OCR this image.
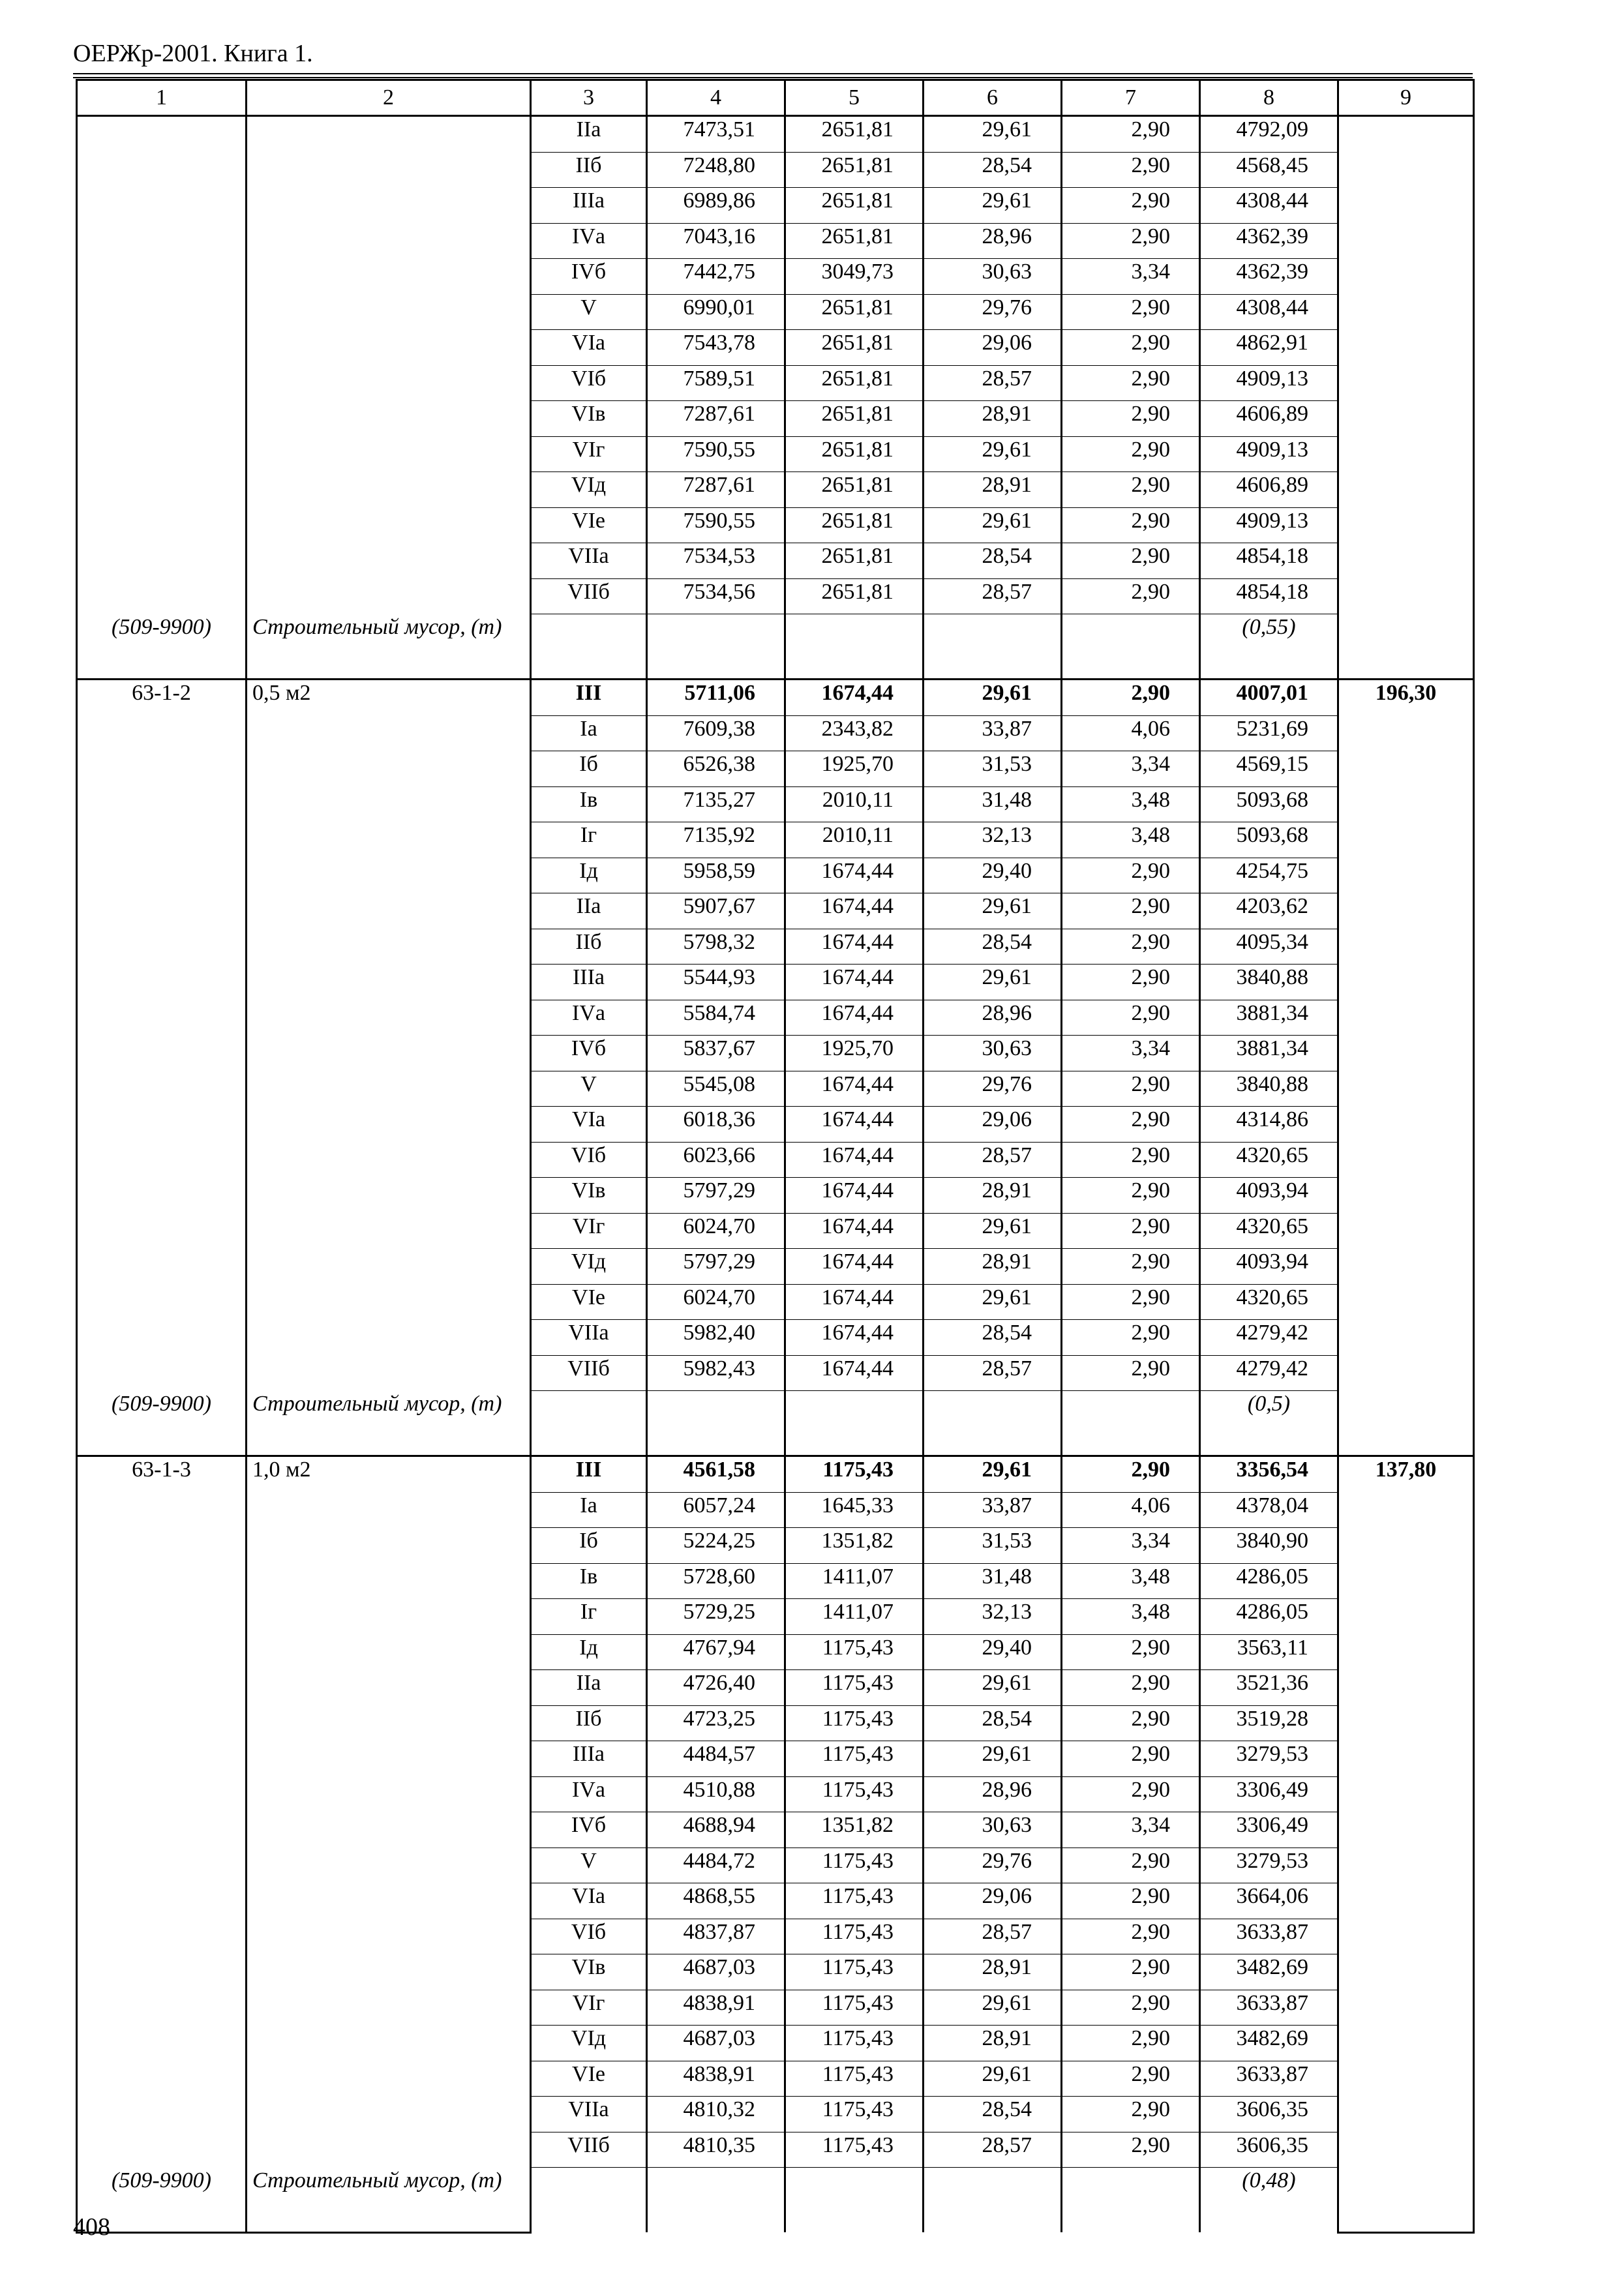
ОЕРЖр-2001. Книга 1.
1	2	3	4	5	6	7	8	9
		IIа	7473,51	2651,81	29,61	2,90	4792,09	
		IIб	7248,80	2651,81	28,54	2,90	4568,45	
		IIIа	6989,86	2651,81	29,61	2,90	4308,44	
		IVа	7043,16	2651,81	28,96	2,90	4362,39	
		IVб	7442,75	3049,73	30,63	3,34	4362,39	
		V	6990,01	2651,81	29,76	2,90	4308,44	
		VIа	7543,78	2651,81	29,06	2,90	4862,91	
		VIб	7589,51	2651,81	28,57	2,90	4909,13	
		VIв	7287,61	2651,81	28,91	2,90	4606,89	
		VIг	7590,55	2651,81	29,61	2,90	4909,13	
		VIд	7287,61	2651,81	28,91	2,90	4606,89	
		VIе	7590,55	2651,81	29,61	2,90	4909,13	
		VIIа	7534,53	2651,81	28,54	2,90	4854,18	
		VIIб	7534,56	2651,81	28,57	2,90	4854,18	
(509-9900)	Строительный мусор, (т)						(0,55)	
63-1-2	0,5 м2	III	5711,06	1674,44	29,61	2,90	4007,01	196,30
		Iа	7609,38	2343,82	33,87	4,06	5231,69	
		Iб	6526,38	1925,70	31,53	3,34	4569,15	
		Iв	7135,27	2010,11	31,48	3,48	5093,68	
		Iг	7135,92	2010,11	32,13	3,48	5093,68	
		Iд	5958,59	1674,44	29,40	2,90	4254,75	
		IIа	5907,67	1674,44	29,61	2,90	4203,62	
		IIб	5798,32	1674,44	28,54	2,90	4095,34	
		IIIа	5544,93	1674,44	29,61	2,90	3840,88	
		IVа	5584,74	1674,44	28,96	2,90	3881,34	
		IVб	5837,67	1925,70	30,63	3,34	3881,34	
		V	5545,08	1674,44	29,76	2,90	3840,88	
		VIа	6018,36	1674,44	29,06	2,90	4314,86	
		VIб	6023,66	1674,44	28,57	2,90	4320,65	
		VIв	5797,29	1674,44	28,91	2,90	4093,94	
		VIг	6024,70	1674,44	29,61	2,90	4320,65	
		VIд	5797,29	1674,44	28,91	2,90	4093,94	
		VIе	6024,70	1674,44	29,61	2,90	4320,65	
		VIIа	5982,40	1674,44	28,54	2,90	4279,42	
		VIIб	5982,43	1674,44	28,57	2,90	4279,42	
(509-9900)	Строительный мусор, (т)						(0,5)	
63-1-3	1,0 м2	III	4561,58	1175,43	29,61	2,90	3356,54	137,80
		Iа	6057,24	1645,33	33,87	4,06	4378,04	
		Iб	5224,25	1351,82	31,53	3,34	3840,90	
		Iв	5728,60	1411,07	31,48	3,48	4286,05	
		Iг	5729,25	1411,07	32,13	3,48	4286,05	
		Iд	4767,94	1175,43	29,40	2,90	3563,11	
		IIа	4726,40	1175,43	29,61	2,90	3521,36	
		IIб	4723,25	1175,43	28,54	2,90	3519,28	
		IIIа	4484,57	1175,43	29,61	2,90	3279,53	
		IVа	4510,88	1175,43	28,96	2,90	3306,49	
		IVб	4688,94	1351,82	30,63	3,34	3306,49	
		V	4484,72	1175,43	29,76	2,90	3279,53	
		VIа	4868,55	1175,43	29,06	2,90	3664,06	
		VIб	4837,87	1175,43	28,57	2,90	3633,87	
		VIв	4687,03	1175,43	28,91	2,90	3482,69	
		VIг	4838,91	1175,43	29,61	2,90	3633,87	
		VIд	4687,03	1175,43	28,91	2,90	3482,69	
		VIе	4838,91	1175,43	29,61	2,90	3633,87	
		VIIа	4810,32	1175,43	28,54	2,90	3606,35	
		VIIб	4810,35	1175,43	28,57	2,90	3606,35	
(509-9900)	Строительный мусор, (т)						(0,48)	
408
